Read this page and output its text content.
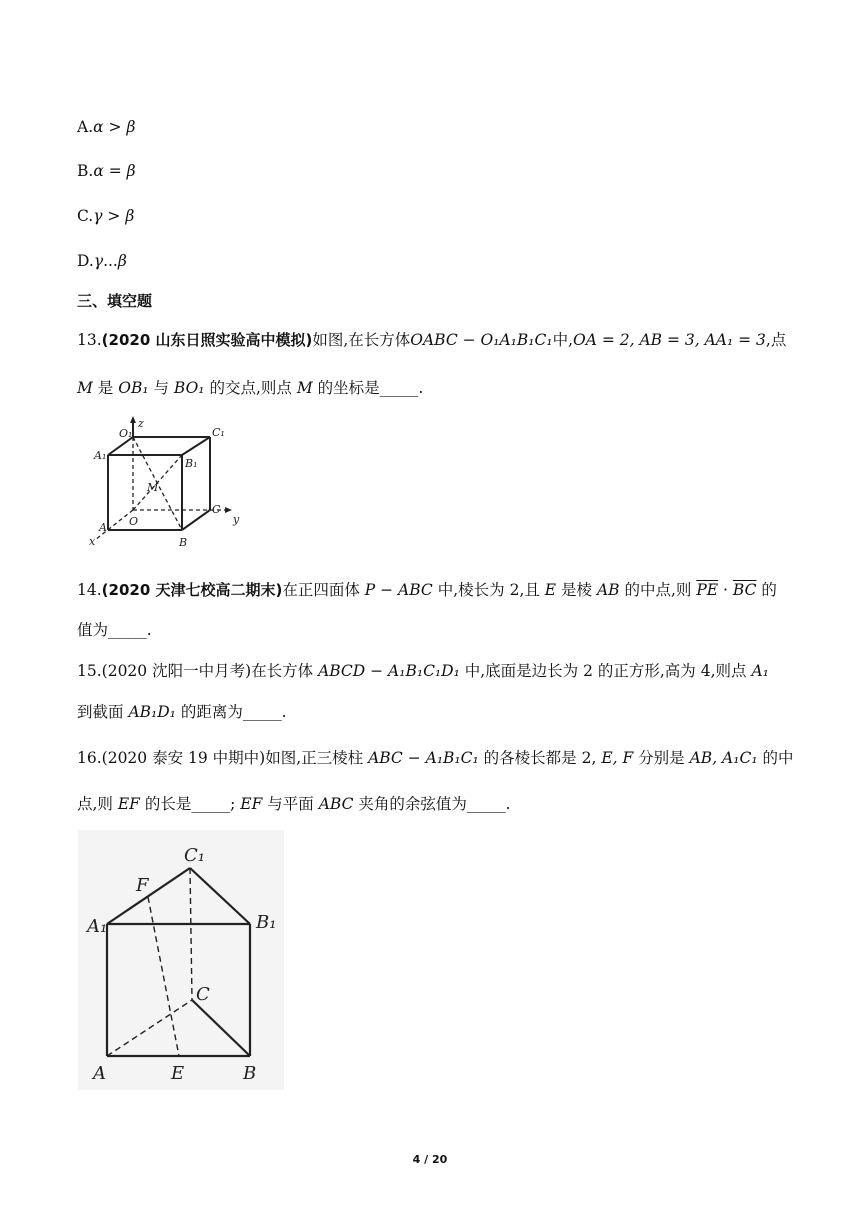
A.α > β
B.α = β
C.γ > β
D.γ...β
三、填空题
13.(2020 山东日照实验高中模拟)如图,在长方体OABC − O₁A₁B₁C₁中,OA = 2, AB = 3, AA₁ = 3,点
M 是 OB₁ 与 BO₁ 的交点,则点 M 的坐标是_____.
O₁
z
C₁
A₁
B₁
M
C
y
A O
x	B
14.(2020 天津七校高二期末)在正四面体 P − ABC 中,棱长为 2,且 E 是棱 AB 的中点,则 $\overline{PE} \cdot \overline{BC}$ 的
值为_____.
15.(2020 沈阳一中月考)在长方体 ABCD − A₁B₁C₁D₁ 中,底面是边长为 2 的正方形,高为 4,则点 A₁
到截面 AB₁D₁ 的距离为_____.
16.(2020 泰安 19 中期中)如图,正三棱柱 ABC − A₁B₁C₁ 的各棱长都是 2, E, F 分别是 AB, A₁C₁ 的中
点,则 EF 的长是_____; EF 与平面 ABC 夹角的余弦值为_____.
C₁
F
A₁	B₁
C
A	E	B
4 / 20
